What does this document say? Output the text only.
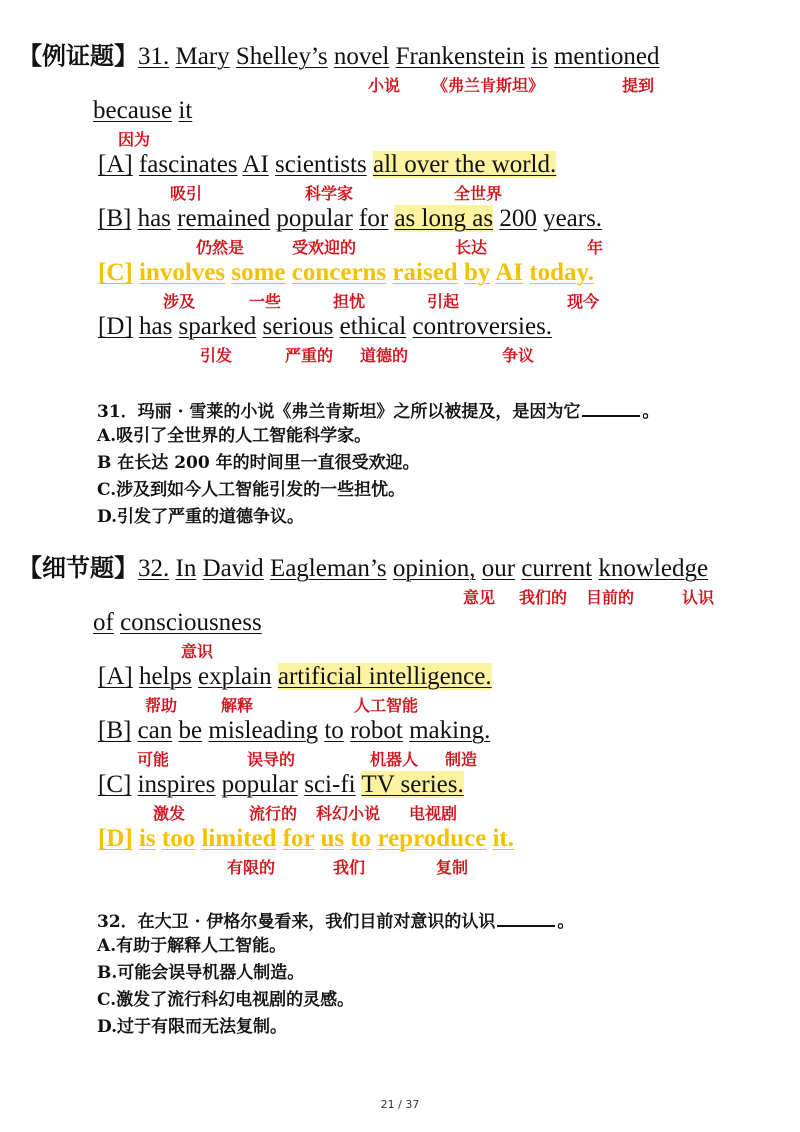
【例证题】31. Mary Shelley’s novel Frankenstein is mentioned
小说 《弗兰肯斯坦》	提到
because it
因为
[A] fascinates AI scientists all over the world.
吸引	科学家	全世界
[B] has remained popular for as long as 200 years.
仍然是	受欢迎的	长达	年
[C] involves some concerns raised by AI today.
涉及	一些	担忧	引起	现今
[D] has sparked serious ethical controversies.
引发	严重的 道德的	争议
31．玛丽 · 雪莱的小说《弗兰肯斯坦》之所以被提及，是因为它	。
A.吸引了全世界的人工智能科学家。
B 在长达 200 年的时间里一直很受欢迎。
C.涉及到如今人工智能引发的一些担忧。
D.引发了严重的道德争议。
【细节题】32. In David Eagleman’s opinion, our current knowledge
意见 我们的 目前的	认识
of consciousness
意识
[A] helps explain artificial intelligence.
帮助	解释	人工智能
[B] can be misleading to robot making.
可能	误导的	机器人 制造
[C] inspires popular sci-fi TV series.
激发	流行的 科幻小说 电视剧
[D] is too limited for us to reproduce it.
有限的	我们	复制
32．在大卫 · 伊格尔曼看来，我们目前对意识的认识	。
A.有助于解释人工智能。
B.可能会误导机器人制造。
C.激发了流行科幻电视剧的灵感。
D.过于有限而无法复制。
21 / 37
